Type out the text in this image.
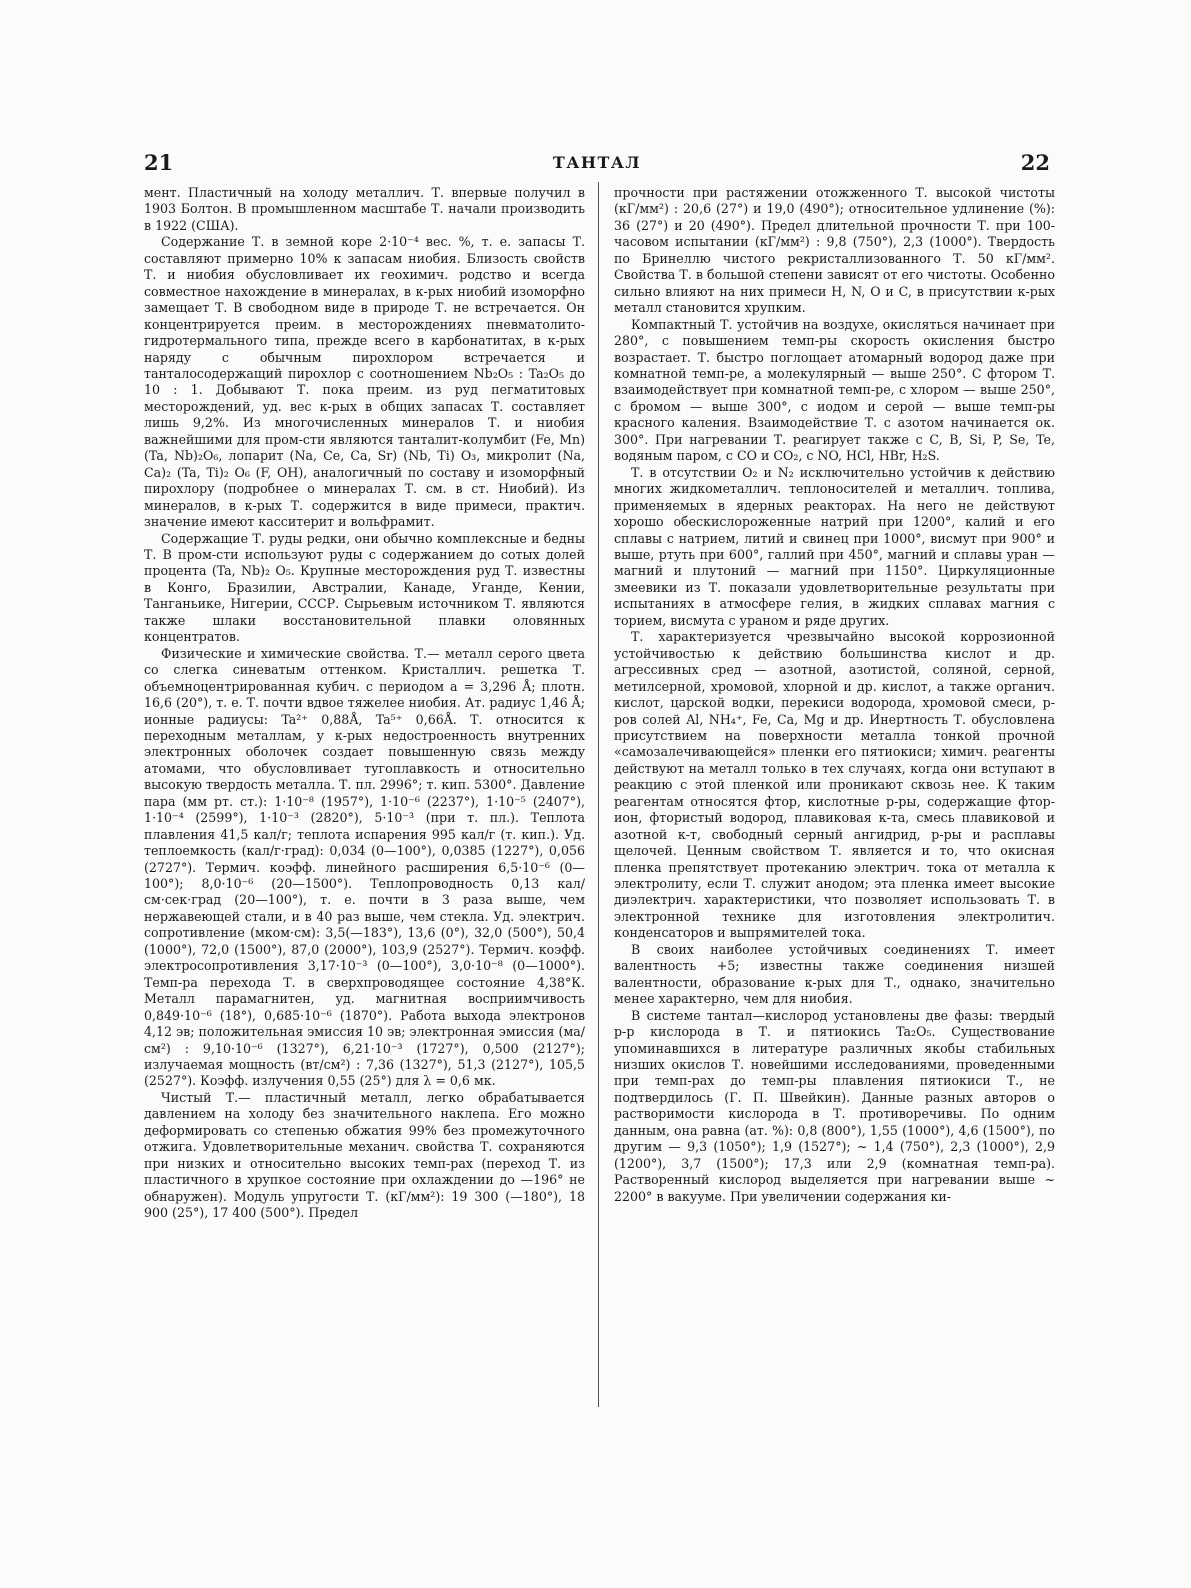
21	ТАНТАЛ	22

мент. Пластичный на холоду металлич. Т. впервые получил в 1903 Болтон. В промышленном масштабе Т. начали производить в 1922 (США).

Содержание Т. в земной коре 2·10⁻⁴ вес. %, т. е. запасы Т. составляют примерно 10% к запасам ниобия. Близость свойств Т. и ниобия обусловливает их геохимич. родство и всегда совместное нахождение в минералах, в к-рых ниобий изоморфно замещает Т. В свободном виде в природе Т. не встречается. Он концентрируется преим. в месторождениях пневматолито-гидротермального типа, прежде всего в карбонатитах, в к-рых наряду с обычным пирохлором встречается и танталосодержащий пирохлор с соотношением Nb₂O₅ : Ta₂O₅ до 10 : 1. Добывают Т. пока преим. из руд пегматитовых месторождений, уд. вес к-рых в общих запасах Т. составляет лишь 9,2%. Из многочисленных минералов Т. и ниобия важнейшими для пром-сти являются танталит-колумбит (Fe, Mn) (Ta, Nb)₂O₆, лопарит (Na, Ce, Ca, Sr) (Nb, Ti) O₃, микролит (Na, Ca)₂ (Ta, Ti)₂ O₆ (F, OH), аналогичный по составу и изоморфный пирохлору (подробнее о минералах Т. см. в ст. Ниобий). Из минералов, в к-рых Т. содержится в виде примеси, практич. значение имеют касситерит и вольфрамит.

Содержащие Т. руды редки, они обычно комплексные и бедны Т. В пром-сти используют руды с содержанием до сотых долей процента (Ta, Nb)₂ O₅. Крупные месторождения руд Т. известны в Конго, Бразилии, Австралии, Канаде, Уганде, Кении, Танганьике, Нигерии, СССР. Сырьевым источником Т. являются также шлаки восстановительной плавки оловянных концентратов.

Физические и химические свойства. Т.— металл серого цвета со слегка синеватым оттенком. Кристаллич. решетка Т. объемноцентрированная кубич. с периодом a = 3,296 Å; плотн. 16,6 (20°), т. е. Т. почти вдвое тяжелее ниобия. Ат. радиус 1,46 Å; ионные радиусы: Ta²⁺ 0,88Å, Ta⁵⁺ 0,66Å. Т. относится к переходным металлам, у к-рых недостроенность внутренних электронных оболочек создает повышенную связь между атомами, что обусловливает тугоплавкость и относительно высокую твердость металла. Т. пл. 2996°; т. кип. 5300°. Давление пара (мм рт. ст.): 1·10⁻⁸ (1957°), 1·10⁻⁶ (2237°), 1·10⁻⁵ (2407°), 1·10⁻⁴ (2599°), 1·10⁻³ (2820°), 5·10⁻³ (при т. пл.). Теплота плавления 41,5 кал/г; теплота испарения 995 кал/г (т. кип.). Уд. теплоемкость (кал/г·град): 0,034 (0—100°), 0,0385 (1227°), 0,056 (2727°). Термич. коэфф. линейного расширения 6,5·10⁻⁶ (0—100°); 8,0·10⁻⁶ (20—1500°). Теплопроводность 0,13 кал/см·сек·град (20—100°), т. е. почти в 3 раза выше, чем нержавеющей стали, и в 40 раз выше, чем стекла. Уд. электрич. сопротивление (мком·см): 3,5(—183°), 13,6 (0°), 32,0 (500°), 50,4 (1000°), 72,0 (1500°), 87,0 (2000°), 103,9 (2527°). Термич. коэфф. электросопротивления 3,17·10⁻³ (0—100°), 3,0·10⁻⁸ (0—1000°). Темп-ра перехода Т. в сверхпроводящее состояние 4,38°К. Металл парамагнитен, уд. магнитная восприимчивость 0,849·10⁻⁶ (18°), 0,685·10⁻⁶ (1870°). Работа выхода электронов 4,12 эв; положительная эмиссия 10 эв; электронная эмиссия (ма/см²) : 9,10·10⁻⁶ (1327°), 6,21·10⁻³ (1727°), 0,500 (2127°); излучаемая мощность (вт/см²) : 7,36 (1327°), 51,3 (2127°), 105,5 (2527°). Коэфф. излучения 0,55 (25°) для λ = 0,6 мк.

Чистый Т.— пластичный металл, легко обрабатывается давлением на холоду без значительного наклепа. Его можно деформировать со степенью обжатия 99% без промежуточного отжига. Удовлетворительные механич. свойства Т. сохраняются при низких и относительно высоких темп-рах (переход Т. из пластичного в хрупкое состояние при охлаждении до —196° не обнаружен). Модуль упругости Т. (кГ/мм²): 19 300 (—180°), 18 900 (25°), 17 400 (500°). Предел

прочности при растяжении отожженного Т. высокой чистоты (кГ/мм²) : 20,6 (27°) и 19,0 (490°); относительное удлинение (%): 36 (27°) и 20 (490°). Предел длительной прочности Т. при 100-часовом испытании (кГ/мм²) : 9,8 (750°), 2,3 (1000°). Твердость по Бринеллю чистого рекристаллизованного Т. 50 кГ/мм². Свойства Т. в большой степени зависят от его чистоты. Особенно сильно влияют на них примеси H, N, O и C, в присутствии к-рых металл становится хрупким.

Компактный Т. устойчив на воздухе, окисляться начинает при 280°, с повышением темп-ры скорость окисления быстро возрастает. Т. быстро поглощает атомарный водород даже при комнатной темп-ре, а молекулярный — выше 250°. С фтором Т. взаимодействует при комнатной темп-ре, с хлором — выше 250°, с бромом — выше 300°, с иодом и серой — выше темп-ры красного каления. Взаимодействие Т. с азотом начинается ок. 300°. При нагревании Т. реагирует также с C, B, Si, P, Se, Te, водяным паром, с CO и CO₂, с NO, HCl, HBr, H₂S.

Т. в отсутствии O₂ и N₂ исключительно устойчив к действию многих жидкометаллич. теплоносителей и металлич. топлива, применяемых в ядерных реакторах. На него не действуют хорошо обескислороженные натрий при 1200°, калий и его сплавы с натрием, литий и свинец при 1000°, висмут при 900° и выше, ртуть при 600°, галлий при 450°, магний и сплавы уран — магний и плутоний — магний при 1150°. Циркуляционные змеевики из Т. показали удовлетворительные результаты при испытаниях в атмосфере гелия, в жидких сплавах магния с торием, висмута с ураном и ряде других.

Т. характеризуется чрезвычайно высокой коррозионной устойчивостью к действию большинства кислот и др. агрессивных сред — азотной, азотистой, соляной, серной, метилсерной, хромовой, хлорной и др. кислот, а также органич. кислот, царской водки, перекиси водорода, хромовой смеси, р-ров солей Al, NH₄⁺, Fe, Ca, Mg и др. Инертность Т. обусловлена присутствием на поверхности металла тонкой прочной «самозалечивающейся» пленки его пятиокиси; химич. реагенты действуют на металл только в тех случаях, когда они вступают в реакцию с этой пленкой или проникают сквозь нее. К таким реагентам относятся фтор, кислотные р-ры, содержащие фтор-ион, фтористый водород, плавиковая к-та, смесь плавиковой и азотной к-т, свободный серный ангидрид, р-ры и расплавы щелочей. Ценным свойством Т. является и то, что окисная пленка препятствует протеканию электрич. тока от металла к электролиту, если Т. служит анодом; эта пленка имеет высокие диэлектрич. характеристики, что позволяет использовать Т. в электронной технике для изготовления электролитич. конденсаторов и выпрямителей тока.

В своих наиболее устойчивых соединениях Т. имеет валентность +5; известны также соединения низшей валентности, образование к-рых для Т., однако, значительно менее характерно, чем для ниобия.

В системе тантал—кислород установлены две фазы: твердый р-р кислорода в Т. и пятиокись Ta₂O₅. Существование упоминавшихся в литературе различных якобы стабильных низших окислов Т. новейшими исследованиями, проведенными при темп-рах до темп-ры плавления пятиокиси Т., не подтвердилось (Г. П. Швейкин). Данные разных авторов о растворимости кислорода в Т. противоречивы. По одним данным, она равна (ат. %): 0,8 (800°), 1,55 (1000°), 4,6 (1500°), по другим — 9,3 (1050°); 1,9 (1527°); ~ 1,4 (750°), 2,3 (1000°), 2,9 (1200°), 3,7 (1500°); 17,3 или 2,9 (комнатная темп-ра). Растворенный кислород выделяется при нагревании выше ~ 2200° в вакууме. При увеличении содержания ки-
